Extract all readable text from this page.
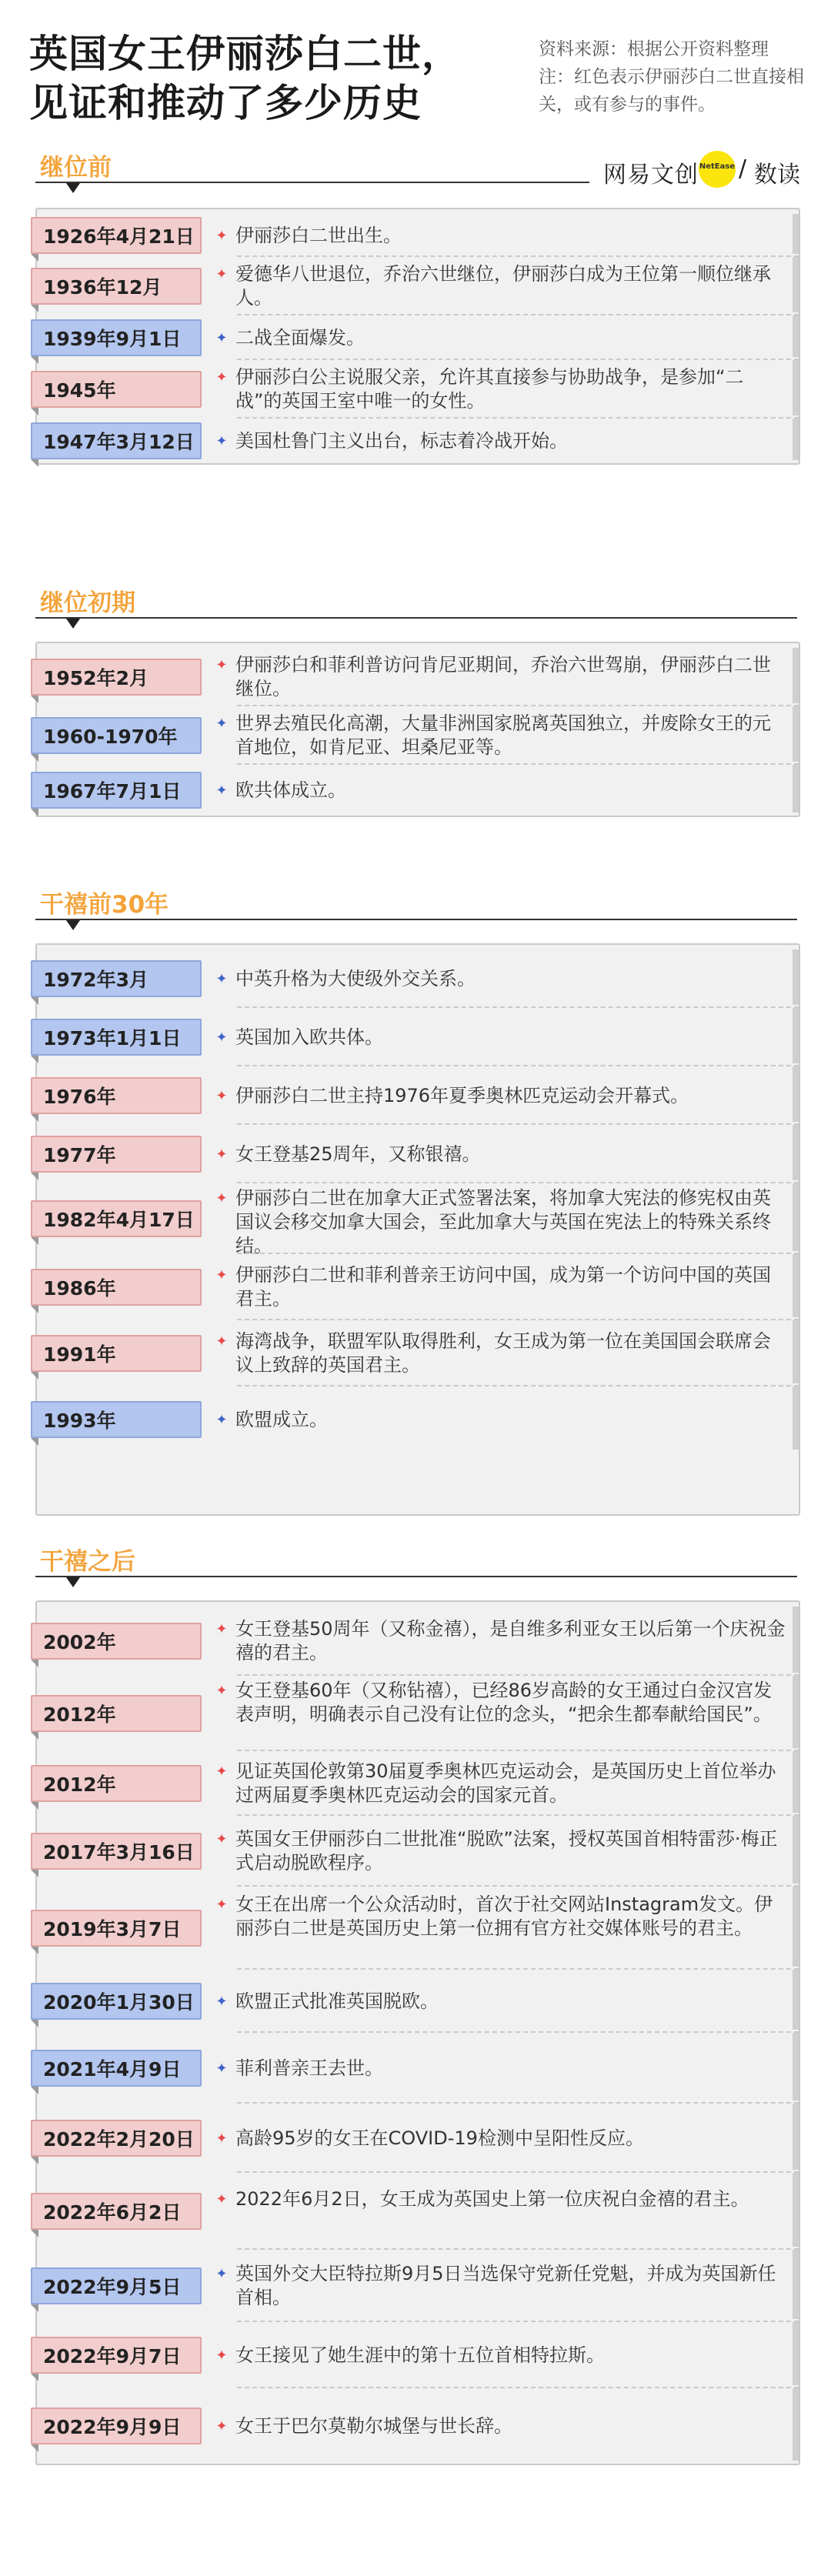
英国女王伊丽莎白二世，
见证和推动了多少历史
资料来源：根据公开资料整理
注：红色表示伊丽莎白二世直接相关，或有参与的事件。
网易文创 NetEase / 数读
继位前
1926年4月21日	伊丽莎白二世出生。
✦
1936年12月
爱德华八世退位，乔治六世继位，伊丽莎白成为王位第一顺位继承人。
✦
1939年9月1日	二战全面爆发。
✦
1945年
伊丽莎白公主说服父亲，允许其直接参与协助战争，是参加“二战”的英国王室中唯一的女性。
✦
1947年3月12日	美国杜鲁门主义出台，标志着冷战开始。
✦
继位初期
1952年2月
伊丽莎白和菲利普访问肯尼亚期间，乔治六世驾崩，伊丽莎白二世继位。
✦
1960-1970年
世界去殖民化高潮，大量非洲国家脱离英国独立，并废除女王的元首地位，如肯尼亚、坦桑尼亚等。
✦
1967年7月1日	欧共体成立。
✦
干禧前30年
1972年3月	中英升格为大使级外交关系。
✦
1973年1月1日	英国加入欧共体。
✦
1976年	伊丽莎白二世主持1976年夏季奥林匹克运动会开幕式。
✦
1977年	女王登基25周年，又称银禧。
✦
1982年4月17日
伊丽莎白二世在加拿大正式签署法案，将加拿大宪法的修宪权由英国议会移交加拿大国会，至此加拿大与英国在宪法上的特殊关系终结。
✦
1986年
伊丽莎白二世和菲利普亲王访问中国，成为第一个访问中国的英国君主。
✦
1991年
海湾战争，联盟军队取得胜利，女王成为第一位在美国国会联席会议上致辞的英国君主。
✦
1993年	欧盟成立。
✦
干禧之后
2002年
女王登基50周年（又称金禧），是自维多利亚女王以后第一个庆祝金禧的君主。
✦
2012年
女王登基60年（又称钻禧），已经86岁高龄的女王通过白金汉宫发表声明，明确表示自己没有让位的念头，“把余生都奉献给国民”。
✦
2012年
见证英国伦敦第30届夏季奥林匹克运动会，是英国历史上首位举办过两届夏季奥林匹克运动会的国家元首。
✦
2017年3月16日
英国女王伊丽莎白二世批准“脱欧”法案，授权英国首相特雷莎·梅正式启动脱欧程序。
✦
2019年3月7日
女王在出席一个公众活动时，首次于社交网站Instagram发文。伊丽莎白二世是英国历史上第一位拥有官方社交媒体账号的君主。
✦
2020年1月30日	欧盟正式批准英国脱欧。
✦
2021年4月9日	菲利普亲王去世。
✦
2022年2月20日	高龄95岁的女王在COVID-19检测中呈阳性反应。
✦
2022年6月2日
2022年6月2日，女王成为英国史上第一位庆祝白金禧的君主。
✦
2022年9月5日
英国外交大臣特拉斯9月5日当选保守党新任党魁，并成为英国新任首相。
✦
2022年9月7日	女王接见了她生涯中的第十五位首相特拉斯。
✦
2022年9月9日	女王于巴尔莫勒尔城堡与世长辞。
✦
